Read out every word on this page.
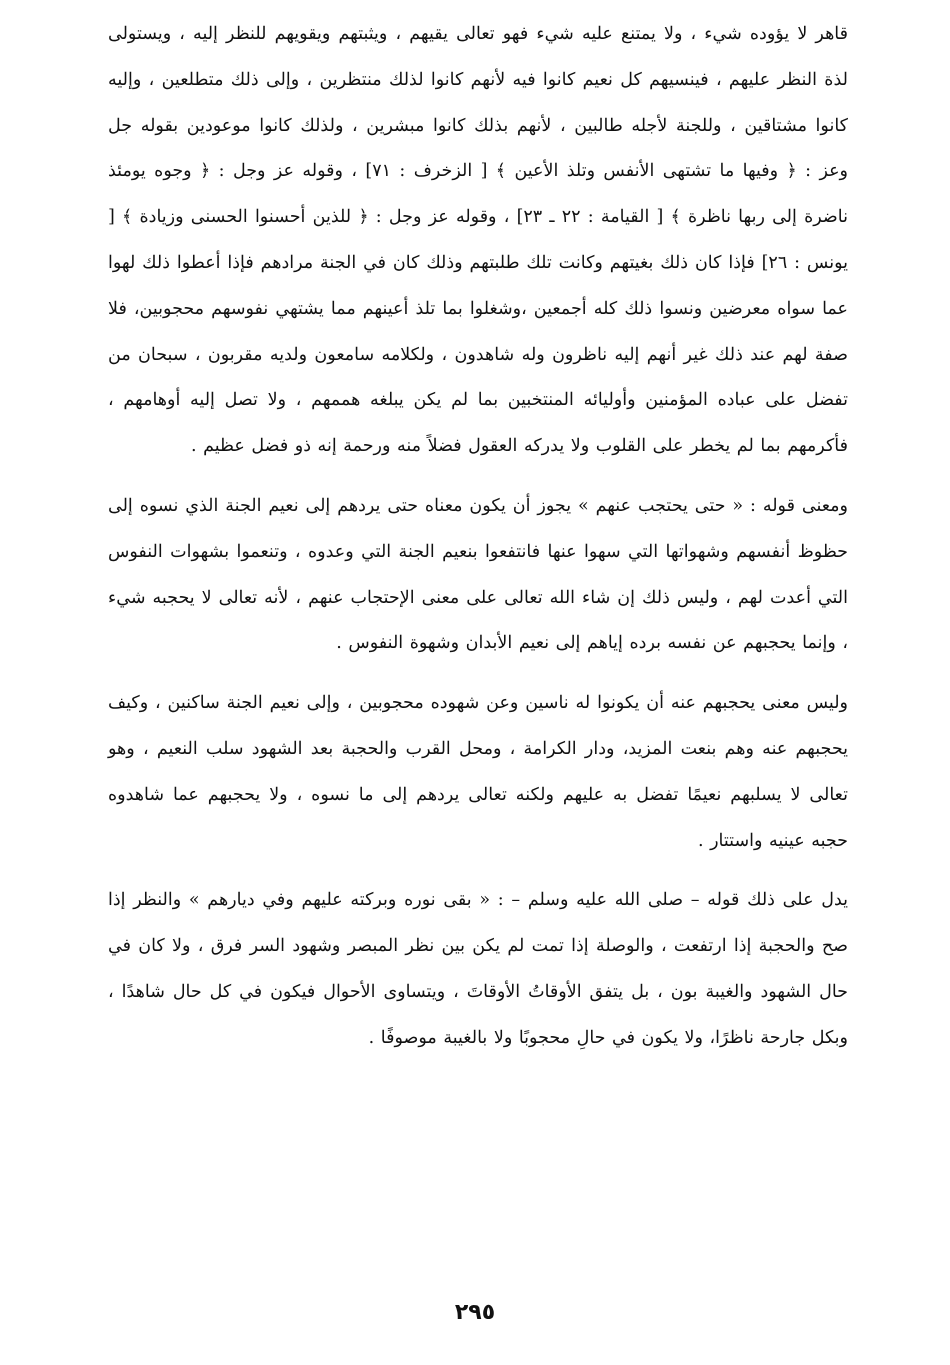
قاهر لا يؤوده شيء ، ولا يمتنع عليه شيء فهو تعالى يقيهم ، ويثبتهم ويقويهم للنظر إليه ، ويستولى لذة النظر عليهم ، فينسيهم كل نعيم كانوا فيه لأنهم كانوا لذلك منتظرين ، وإلى ذلك متطلعين ، وإليه كانوا مشتاقين ، وللجنة لأجله طالبين ، لأنهم بذلك كانوا مبشرين ، ولذلك كانوا موعودين بقوله جل وعز : ﴿ وفيها ما تشتهى الأنفس وتلذ الأعين ﴾ [ الزخرف : ٧١] ، وقوله عز وجل : ﴿ وجوه يومئذ ناضرة إلى ربها ناظرة ﴾ [ القيامة : ٢٢ ـ ٢٣] ، وقوله عز وجل : ﴿ للذين أحسنوا الحسنى وزيادة ﴾ [ يونس : ٢٦] فإذا كان ذلك بغيتهم وكانت تلك طلبتهم وذلك كان في الجنة مرادهم فإذا أعطوا ذلك لهوا عما سواه معرضين ونسوا ذلك كله أجمعين ،وشغلوا بما تلذ أعينهم مما يشتهي نفوسهم محجوبين، فلا صفة لهم عند ذلك غير أنهم إليه ناظرون وله شاهدون ، ولكلامه سامعون ولديه مقربون ، سبحان من تفضل على عباده المؤمنين وأوليائه المنتخبين بما لم يكن يبلغه هممهم ، ولا تصل إليه أوهامهم ، فأكرمهم بما لم يخطر على القلوب ولا يدركه العقول فضلاً منه ورحمة إنه ذو فضل عظيم .

ومعنى قوله : « حتى يحتجب عنهم » يجوز أن يكون معناه حتى يردهم إلى نعيم الجنة الذي نسوه إلى حظوظ أنفسهم وشهواتها التي سهوا عنها فانتفعوا بنعيم الجنة التي وعدوه ، وتنعموا بشهوات النفوس التي أعدت لهم ، وليس ذلك إن شاء الله تعالى على معنى الإحتجاب عنهم ، لأنه تعالى لا يحجبه شيء ، وإنما يحجبهم عن نفسه برده إياهم إلى نعيم الأبدان وشهوة النفوس .

وليس معنى يحجبهم عنه أن يكونوا له ناسين وعن شهوده محجوبين ، وإلى نعيم الجنة ساكنين ، وكيف يحجبهم عنه وهم بنعت المزيد، ودار الكرامة ، ومحل القرب والحجبة بعد الشهود سلب النعيم ، وهو تعالى لا يسلبهم نعيمًا تفضل به عليهم ولكنه تعالى يردهم إلى ما نسوه ، ولا يحجبهم عما شاهدوه حجبه عينيه واستتار .

يدل على ذلك قوله – صلى الله عليه وسلم – : « بقى نوره وبركته عليهم وفي ديارهم » والنظر إذا صح والحجبة إذا ارتفعت ، والوصلة إذا تمت لم يكن بين نظر المبصر وشهود السر فرق ، ولا كان في حال الشهود والغيبة بون ، بل يتفق الأوقاتُ الأوقاتَ ، ويتساوى الأحوال فيكون في كل حال شاهدًا ، وبكل جارحة ناظرًا، ولا يكون في حالِ محجوبًا ولا بالغيبة موصوفًا .

٢٩٥
